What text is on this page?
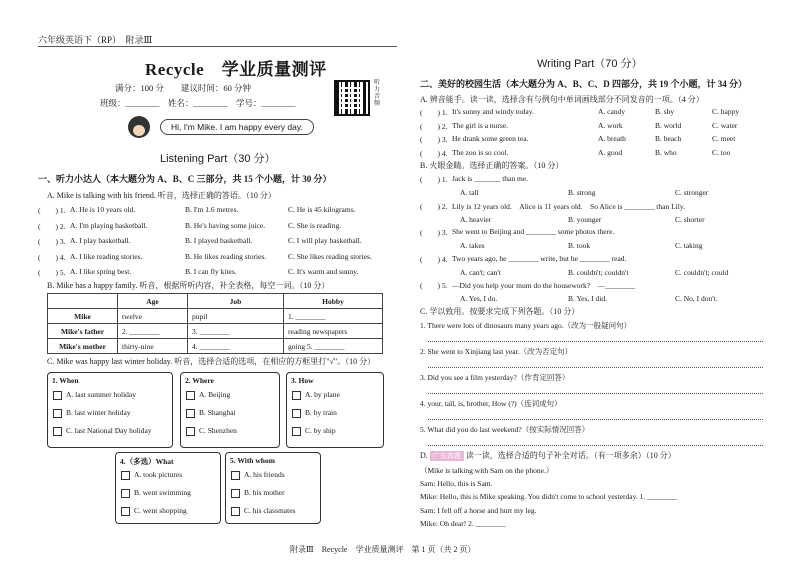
六年级英语下（RP）　附录Ⅲ
Recycle　学业质量测评
满分：100 分　　建议时间：60 分钟
班级：________　姓名：________　学号：________
听力音频
Hi, I'm Mike. I am happy every day.
Listening Part（30 分）
一、听力小达人（本大题分为 A、B、C 三部分，共 15 个小题，计 30 分）
A. Mike is talking with his friend. 听音，选择正确的答语。（10 分）
B. Mike has a happy family. 听音，根据所听内容，补全表格，每空一词。（10 分）
	Age	Job	Hobby
Mike	twelve	pupil	1. ________
Mike's father	2. ________	3. ________	reading newspapers
Mike's mother	thirty-nine	4. ________	going 5. ________
C. Mike was happy last winter holiday. 听音，选择合适的选项，在相应的方框里打"√"。（10 分）
Writing Part（70 分）
二、美好的校园生活（本大题分为 A、B、C、D 四部分，共 19 个小题，计 34 分）
A. 辨音能手。读一读，选择含有与例句中单词画线部分不同发音的一项。（4 分）
B. 火眼金睛。选择正确的答案。（10 分）
C. 学以致用。按要求完成下列各题。（10 分）
D. 广东真题 读一读，选择合适的句子补全对话。（有一项多余）（10 分）
附录Ⅲ　Recycle　学业质量测评　第 1 页（共 2 页）
(　　) 1. A. He is 10 years old.	B. I'm 1.6 metres.	C. He is 45 kilograms.
(　　) 2. A. I'm playing basketball.	B. He's having some juice.	C. She is reading.
(　　) 3. A. I play basketball.	B. I played basketball.	C. I will play basketball.
(　　) 4. A. I like reading stories.	B. He likes reading stories.	C. She likes reading stories.
(　　) 5. A. I like spring best.	B. I can fly kites.	C. It's warm and sunny.
1. When
A. last summer holiday
B. last winter holiday
C. last National Day holiday
2. Where
A. Beijing
B. Shanghai
C. Shenzhen
3. How
A. by plane
B. by train
C. by ship
4.（多选）What
A. took pictures
B. went swimming
C. went shopping
5. With whom
A. his friends
B. his mother
C. his classmates
(　　) 1. It's sunny and windy today.	A. candy	B. shy	C. happy
(　　) 2. The girl is a nurse.	A. work	B. world	C. water
(　　) 3. He drank some green tea.	A. breath	B. beach	C. meet
(　　) 4. The zoo is so cool.	A. good	B. who	C. too
(　　) 1. Jack is _______ than me.
A. tall	B. strong	C. stronger
(　　) 2. Lily is 12 years old.　Alice is 11 years old.　So Alice is ________ than Lily.
A. heavier	B. younger	C. shorter
(　　) 3. She went to Beijing and ________ some photos there.
A. takes	B. took	C. taking
(　　) 4. Two years ago, he ________ write, but he ________ read.
A. can't; can't	B. couldn't; couldn't	C. couldn't; could
(　　) 5. —Did you help your mum do the housework?　—________
A. Yes, I do.	B. Yes, I did.	C. No, I don't.
1. There were lots of dinosaurs many years ago.（改为一般疑问句）
2. She went to Xinjiang last year.（改为否定句）
3. Did you see a film yesterday?（作肯定回答）
4. your, tall, is, brother, How (?)（连词成句）
5. What did you do last weekend?（按实际情况回答）
（Mike is talking with Sam on the phone.）
Sam: Hello, this is Sam.
Mike: Hello, this is Mike speaking. You didn't come to school yesterday. 1. ________
Sam: I fell off a horse and hurt my leg.
Mike: Oh dear! 2. ________
